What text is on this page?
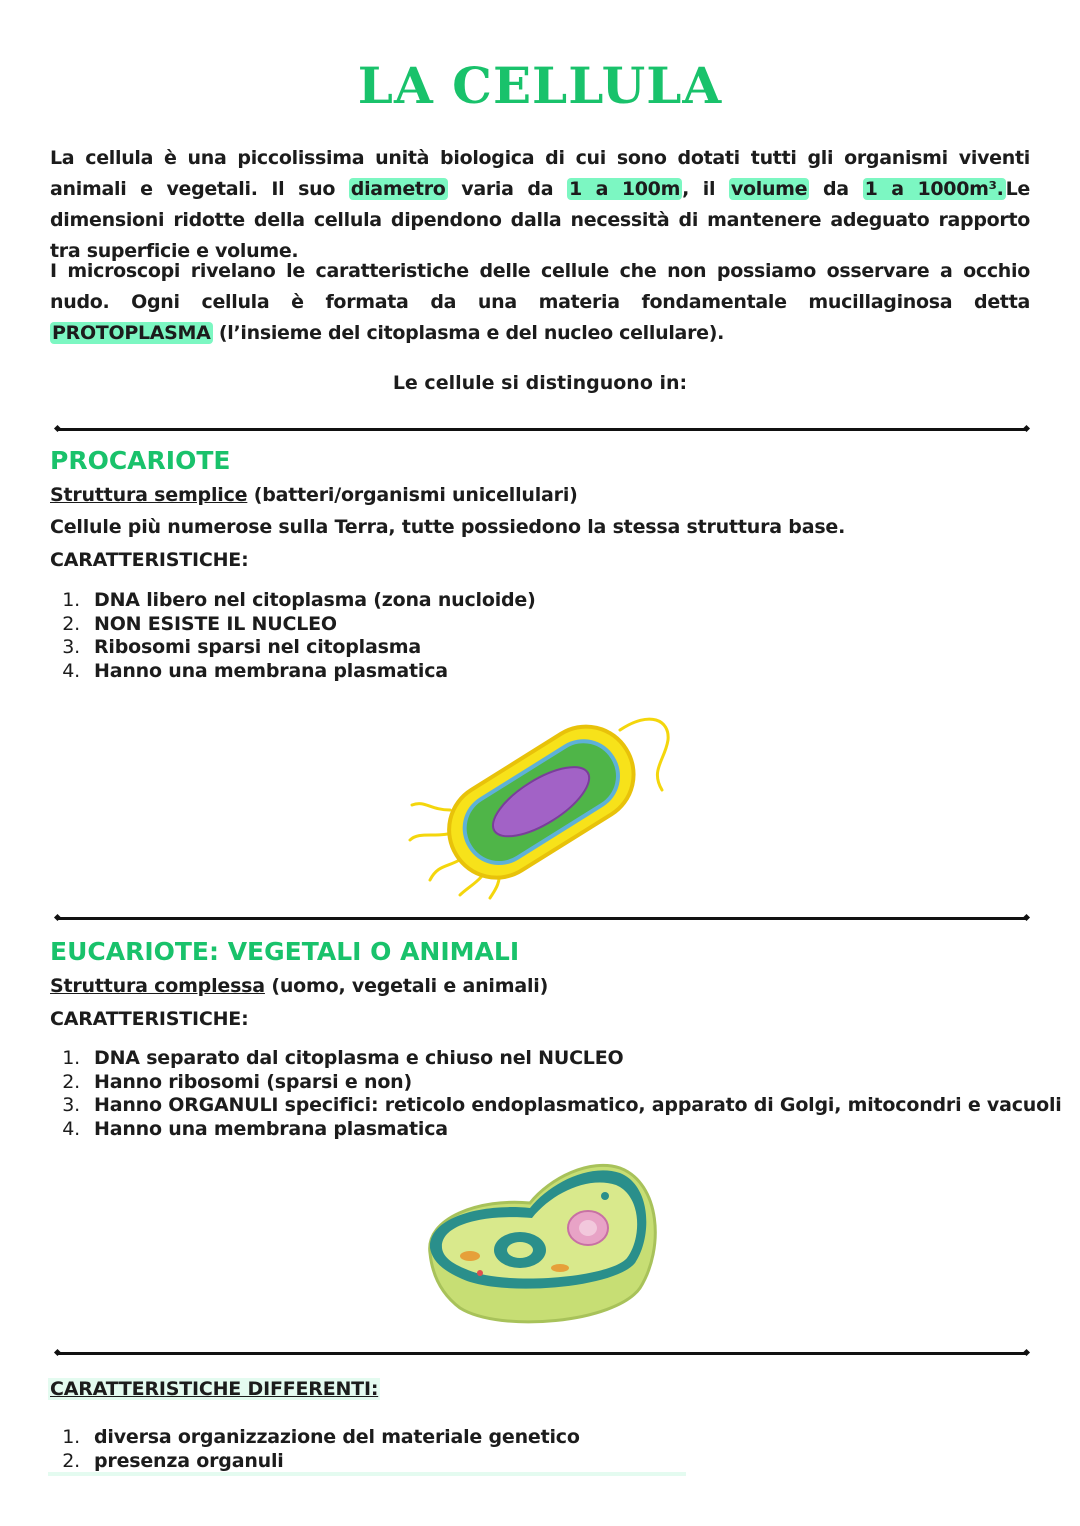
LA CELLULA

La cellula è una piccolissima unità biologica di cui sono dotati tutti gli organismi viventi animali e vegetali. Il suo diametro varia da 1 a 100m , il volume da 1 a 1000m³. Le dimensioni ridotte della cellula dipendono dalla necessità di mantenere adeguato rapporto tra superficie e volume.

I microscopi rivelano le caratteristiche delle cellule che non possiamo osservare a occhio nudo. Ogni cellula è formata da una materia fondamentale mucillaginosa detta PROTOPLASMA (l’insieme del citoplasma e del nucleo cellulare).

Le cellule si distinguono in:
PROCARIOTE
Struttura semplice (batteri/organismi unicellulari)
Cellule più numerose sulla Terra, tutte possiedono la stessa struttura base.
CARATTERISTICHE:
1. DNA libero nel citoplasma (zona nucloide)
2. NON ESISTE IL NUCLEO
3. Ribosomi sparsi nel citoplasma
4. Hanno una membrana plasmatica
EUCARIOTE: VEGETALI O ANIMALI
Struttura complessa (uomo, vegetali e animali)
CARATTERISTICHE:
1. DNA separato dal citoplasma e chiuso nel NUCLEO
2. Hanno ribosomi (sparsi e non)
3. Hanno ORGANULI specifici: reticolo endoplasmatico, apparato di Golgi, mitocondri e vacuoli
4. Hanno una membrana plasmatica
CARATTERISTICHE DIFFERENTI:
1. diversa organizzazione del materiale genetico
2. presenza organuli
